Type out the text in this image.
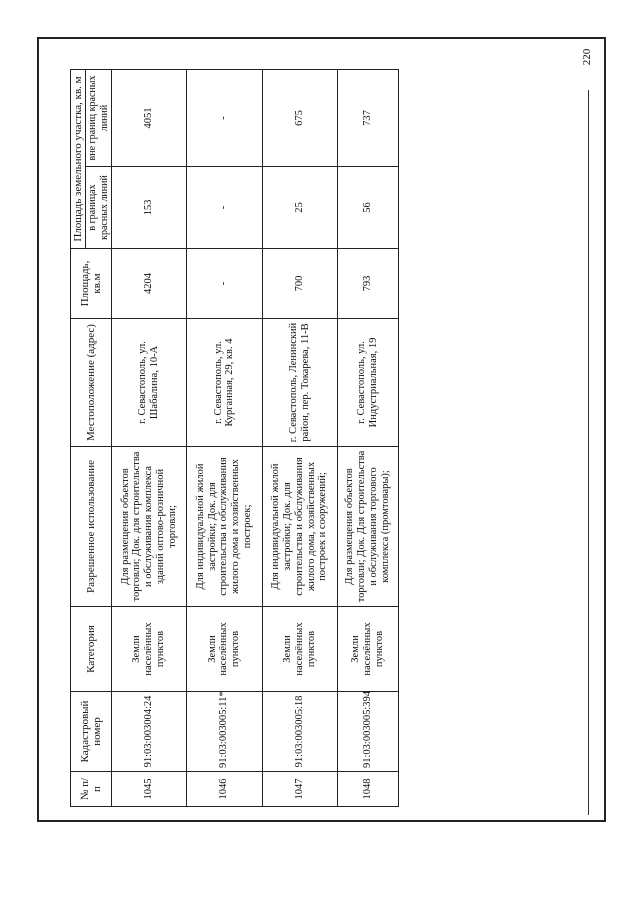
220
№ п/п	Кадастровый номер	Категория	Разрешенное использование	Местоположение (адрес)	Площадь, кв.м	Площадь земельного участка, кв. м	
						в границах красных линий	вне границ красных линий
1045	91:03:003004:24	Земли населённых пунктов	Для размещения объектов торговли; Док. для строительства и обслуживания комплекса зданий оптово-розничной торговли;	г. Севастополь, ул. Шабалина, 10-А	4204	153	4051
1046	91:03:003005:11*	Земли населённых пунктов	Для индивидуальной жилой застройки; Док. для строительства и обслуживания жилого дома и хозяйственных построек;	г. Севастополь, ул. Курганная, 29, кв. 4	-	-	-
1047	91:03:003005:18	Земли населённых пунктов	Для индивидуальной жилой застройки; Док. для строительства и обслуживания жилого дома, хозяйственных построек и сооружений;	г. Севастополь, Ленинский район, пер. Токарева, 11-В	700	25	675
1048	91:03:003005:394	Земли населённых пунктов	Для размещения объектов торговли; Док. Для строительства и обслуживания торгового комплекса (промтовары);	г. Севастополь, ул. Индустриальная, 19	793	56	737
